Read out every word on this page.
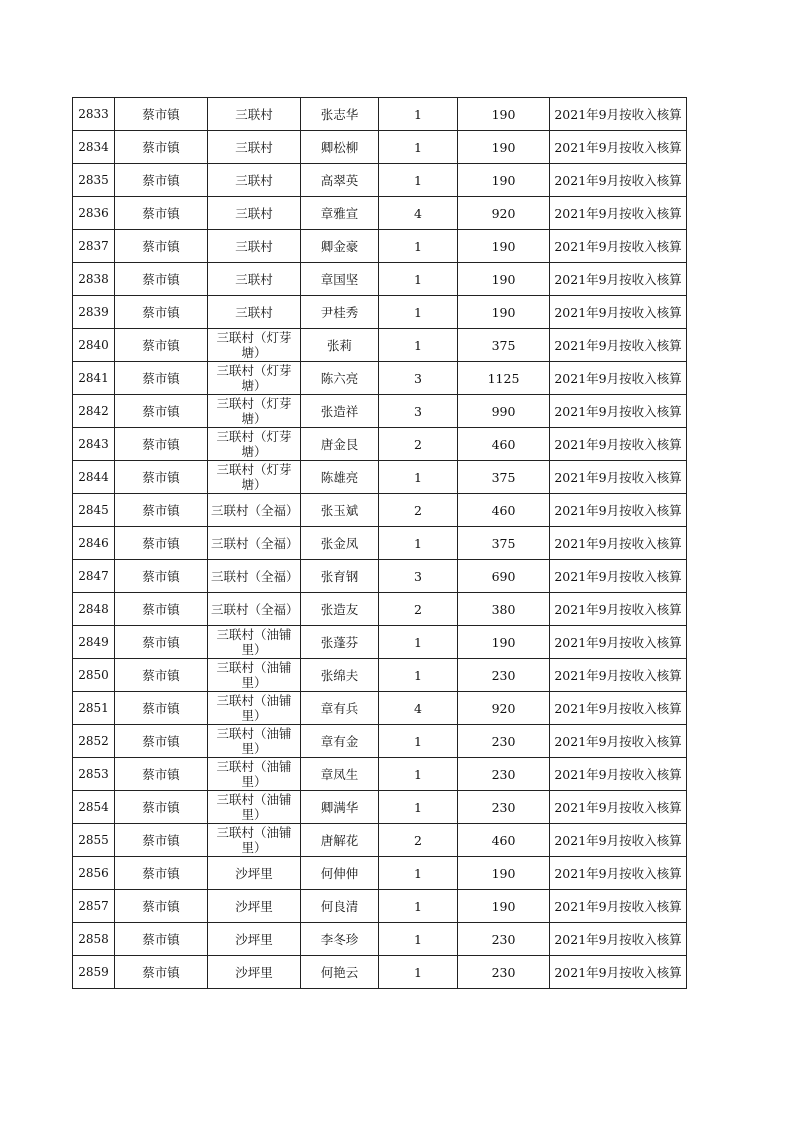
2833	蔡市镇	三联村	张志华	1	190	2021年9月按收入核算
2834	蔡市镇	三联村	卿松柳	1	190	2021年9月按收入核算
2835	蔡市镇	三联村	高翠英	1	190	2021年9月按收入核算
2836	蔡市镇	三联村	章雅宣	4	920	2021年9月按收入核算
2837	蔡市镇	三联村	卿金豪	1	190	2021年9月按收入核算
2838	蔡市镇	三联村	章国坚	1	190	2021年9月按收入核算
2839	蔡市镇	三联村	尹桂秀	1	190	2021年9月按收入核算
2840	蔡市镇	三联村（灯芽塘）	张莉	1	375	2021年9月按收入核算
2841	蔡市镇	三联村（灯芽塘）	陈六亮	3	1125	2021年9月按收入核算
2842	蔡市镇	三联村（灯芽塘）	张造祥	3	990	2021年9月按收入核算
2843	蔡市镇	三联村（灯芽塘）	唐金艮	2	460	2021年9月按收入核算
2844	蔡市镇	三联村（灯芽塘）	陈雄亮	1	375	2021年9月按收入核算
2845	蔡市镇	三联村（全福）	张玉斌	2	460	2021年9月按收入核算
2846	蔡市镇	三联村（全福）	张金凤	1	375	2021年9月按收入核算
2847	蔡市镇	三联村（全福）	张育钢	3	690	2021年9月按收入核算
2848	蔡市镇	三联村（全福）	张造友	2	380	2021年9月按收入核算
2849	蔡市镇	三联村（油铺里）	张蓬芬	1	190	2021年9月按收入核算
2850	蔡市镇	三联村（油铺里）	张绵夫	1	230	2021年9月按收入核算
2851	蔡市镇	三联村（油铺里）	章有兵	4	920	2021年9月按收入核算
2852	蔡市镇	三联村（油铺里）	章有金	1	230	2021年9月按收入核算
2853	蔡市镇	三联村（油铺里）	章凤生	1	230	2021年9月按收入核算
2854	蔡市镇	三联村（油铺里）	卿满华	1	230	2021年9月按收入核算
2855	蔡市镇	三联村（油铺里）	唐解花	2	460	2021年9月按收入核算
2856	蔡市镇	沙坪里	何伸伸	1	190	2021年9月按收入核算
2857	蔡市镇	沙坪里	何良清	1	190	2021年9月按收入核算
2858	蔡市镇	沙坪里	李冬珍	1	230	2021年9月按收入核算
2859	蔡市镇	沙坪里	何艳云	1	230	2021年9月按收入核算
